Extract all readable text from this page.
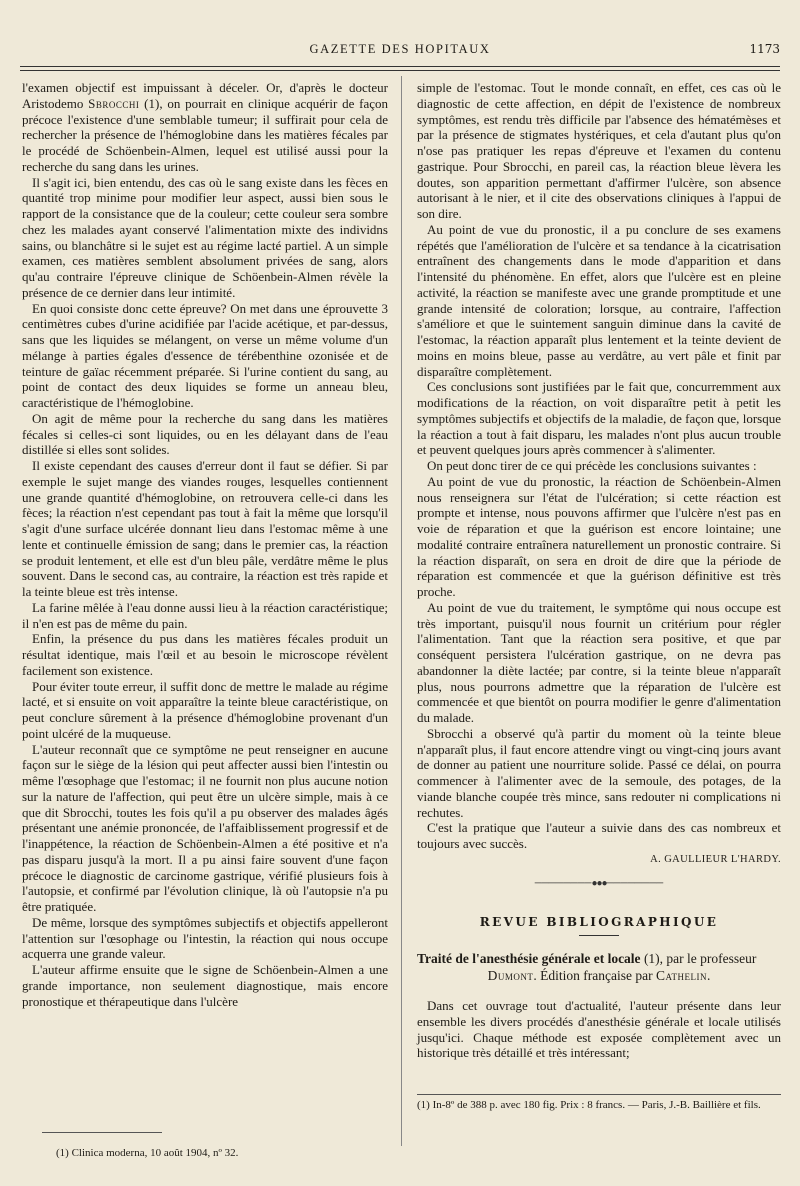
GAZETTE DES HOPITAUX	1173

l'examen objectif est impuissant à déceler. Or, d'après le docteur Aristodemo Sbrocchi (1), on pourrait en clinique acquérir de façon précoce l'existence d'une semblable tumeur; il suffirait pour cela de rechercher la présence de l'hémoglobine dans les matières fécales par le procédé de Schöenbein-Almen, lequel est utilisé aussi pour la recherche du sang dans les urines.

Il s'agit ici, bien entendu, des cas où le sang existe dans les fèces en quantité trop minime pour modifier leur aspect, aussi bien sous le rapport de la consistance que de la couleur; cette couleur sera sombre chez les malades ayant conservé l'alimentation mixte des individns sains, ou blanchâtre si le sujet est au régime lacté partiel. A un simple examen, ces matières semblent absolument privées de sang, alors qu'au contraire l'épreuve clinique de Schöenbein-Almen révèle la présence de ce dernier dans leur intimité.

En quoi consiste donc cette épreuve? On met dans une éprouvette 3 centimètres cubes d'urine acidifiée par l'acide acétique, et par-dessus, sans que les liquides se mélangent, on verse un même volume d'un mélange à parties égales d'essence de térébenthine ozonisée et de teinture de gaïac récemment préparée. Si l'urine contient du sang, au point de contact des deux liquides se forme un anneau bleu, caractéristique de l'hémoglobine.

On agit de même pour la recherche du sang dans les matières fécales si celles-ci sont liquides, ou en les délayant dans de l'eau distillée si elles sont solides.

Il existe cependant des causes d'erreur dont il faut se défier. Si par exemple le sujet mange des viandes rouges, lesquelles contiennent une grande quantité d'hémoglobine, on retrouvera celle-ci dans les fèces; la réaction n'est cependant pas tout à fait la même que lorsqu'il s'agit d'une surface ulcérée donnant lieu dans l'estomac même à une lente et continuelle émission de sang; dans le premier cas, la réaction se produit lentement, et elle est d'un bleu pâle, verdâtre même le plus souvent. Dans le second cas, au contraire, la réaction est très rapide et la teinte bleue est très intense.

La farine mêlée à l'eau donne aussi lieu à la réaction caractéristique; il n'en est pas de même du pain.

Enfin, la présence du pus dans les matières fécales produit un résultat identique, mais l'œil et au besoin le microscope révèlent facilement son existence.

Pour éviter toute erreur, il suffit donc de mettre le malade au régime lacté, et si ensuite on voit apparaître la teinte bleue caractéristique, on peut conclure sûrement à la présence d'hémoglobine provenant d'un point ulcéré de la muqueuse.

L'auteur reconnaît que ce symptôme ne peut renseigner en aucune façon sur le siège de la lésion qui peut affecter aussi bien l'intestin ou même l'œsophage que l'estomac; il ne fournit non plus aucune notion sur la nature de l'affection, qui peut être un ulcère simple, mais à ce que dit Sbrocchi, toutes les fois qu'il a pu observer des malades âgés présentant une anémie prononcée, de l'affaiblissement progressif et de l'inappétence, la réaction de Schöenbein-Almen a été positive et n'a pas disparu jusqu'à la mort. Il a pu ainsi faire souvent d'une façon précoce le diagnostic de carcinome gastrique, vérifié plusieurs fois à l'autopsie, et confirmé par l'évolution clinique, là où l'autopsie n'a pu être pratiquée.

De même, lorsque des symptômes subjectifs et objectifs appelleront l'attention sur l'œsophage ou l'intestin, la réaction qui nous occupe acquerra une grande valeur.

L'auteur affirme ensuite que le signe de Schöenbein-Almen a une grande importance, non seulement diagnostique, mais encore pronostique et thérapeutique dans l'ulcère

simple de l'estomac. Tout le monde connaît, en effet, ces cas où le diagnostic de cette affection, en dépit de l'existence de nombreux symptômes, est rendu très difficile par l'absence des hématémèses et par la présence de stigmates hystériques, et cela d'autant plus qu'on n'ose pas pratiquer les repas d'épreuve et l'examen du contenu gastrique. Pour Sbrocchi, en pareil cas, la réaction bleue lèvera les doutes, son apparition permettant d'affirmer l'ulcère, son absence autorisant à le nier, et il cite des observations cliniques à l'appui de son dire.

Au point de vue du pronostic, il a pu conclure de ses examens répétés que l'amélioration de l'ulcère et sa tendance à la cicatrisation entraînent des changements dans le mode d'apparition et dans l'intensité du phénomène. En effet, alors que l'ulcère est en pleine activité, la réaction se manifeste avec une grande promptitude et une grande intensité de coloration; lorsque, au contraire, l'affection s'améliore et que le suintement sanguin diminue dans la cavité de l'estomac, la réaction apparaît plus lentement et la teinte devient de moins en moins bleue, passe au verdâtre, au vert pâle et finit par disparaître complètement.

Ces conclusions sont justifiées par le fait que, concurremment aux modifications de la réaction, on voit disparaître petit à petit les symptômes subjectifs et objectifs de la maladie, de façon que, lorsque la réaction a tout à fait disparu, les malades n'ont plus aucun trouble et peuvent quelques jours après commencer à s'alimenter.

On peut donc tirer de ce qui précède les conclusions suivantes :

Au point de vue du pronostic, la réaction de Schöenbein-Almen nous renseignera sur l'état de l'ulcération; si cette réaction est prompte et intense, nous pouvons affirmer que l'ulcère n'est pas en voie de réparation et que la guérison est encore lointaine; une modalité contraire entraînera naturellement un pronostic contraire. Si la réaction disparaît, on sera en droit de dire que la période de réparation est commencée et que la guérison définitive est très proche.

Au point de vue du traitement, le symptôme qui nous occupe est très important, puisqu'il nous fournit un critérium pour régler l'alimentation. Tant que la réaction sera positive, et que par conséquent persistera l'ulcération gastrique, on ne devra pas abandonner la diète lactée; par contre, si la teinte bleue n'apparaît plus, nous pourrons admettre que la réparation de l'ulcère est commencée et que bientôt on pourra modifier le genre d'alimentation du malade.

Sbrocchi a observé qu'à partir du moment où la teinte bleue n'apparaît plus, il faut encore attendre vingt ou vingt-cinq jours avant de donner au patient une nourriture solide. Passé ce délai, on pourra commencer à l'alimenter avec de la semoule, des potages, de la viande blanche coupée très mince, sans redouter ni complications ni rechutes.

C'est la pratique que l'auteur a suivie dans des cas nombreux et toujours avec succès.

A. GAULLIEUR L'HARDY.
────────●●●────────
REVUE BIBLIOGRAPHIQUE

Traité de l'anesthésie générale et locale (1), par le professeur

Dumont. Édition française par Cathelin.

Dans cet ouvrage tout d'actualité, l'auteur présente dans leur ensemble les divers procédés d'anesthésie générale et locale utilisés jusqu'ici. Chaque méthode est exposée complètement avec un historique très détaillé et très intéressant;

(1) In-8º de 388 p. avec 180 fig. Prix : 8 francs. — Paris, J.-B. Baillière et fils.
(1) Clinica moderna, 10 août 1904, nº 32.
